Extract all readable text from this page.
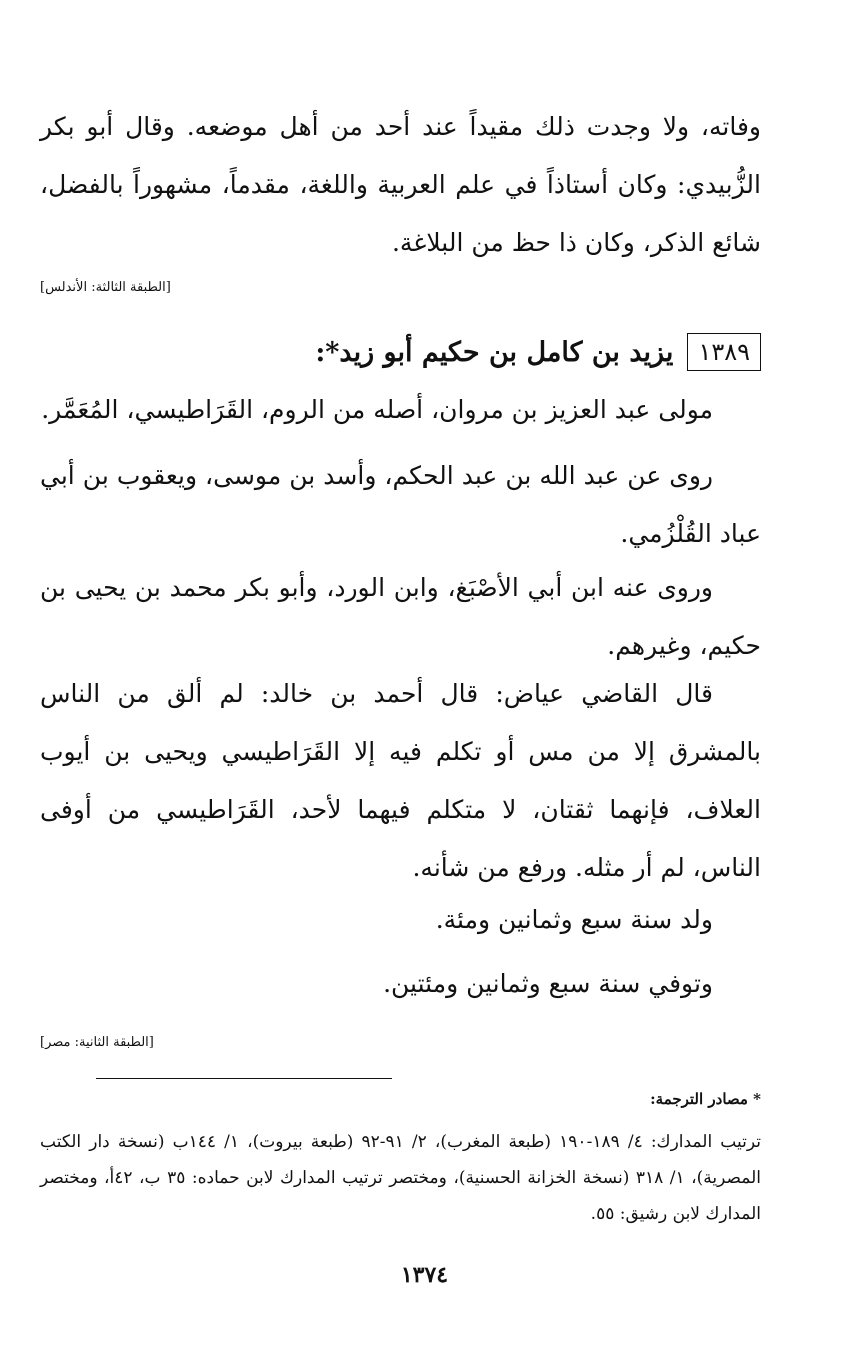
وفاته، ولا وجدت ذلك مقيداً عند أحد من أهل موضعه. وقال أبو بكر الزُّبيدي: وكان أستاذاً في علم العربية واللغة، مقدماً، مشهوراً بالفضل، شائع الذكر، وكان ذا حظ من البلاغة.

[الطبقة الثالثة: الأندلس]

١٣٨٩
يزيد بن كامل بن حكيم أبو زيد*:

مولى عبد العزيز بن مروان، أصله من الروم، القَرَاطيسي، المُعَمَّر.

روى عن عبد الله بن عبد الحكم، وأسد بن موسى، ويعقوب بن أبي عباد القُلْزُمي.

وروى عنه ابن أبي الأصْبَغ، وابن الورد، وأبو بكر محمد بن يحيى بن حكيم، وغيرهم.

قال القاضي عياض: قال أحمد بن خالد: لم ألق من الناس بالمشرق إلا من مس أو تكلم فيه إلا القَرَاطيسي ويحيى بن أيوب العلاف، فإنهما ثقتان، لا متكلم فيهما لأحد، القَرَاطيسي من أوفى الناس، لم أر مثله. ورفع من شأنه.

ولد سنة سبع وثمانين ومئة.

وتوفي سنة سبع وثمانين ومئتين.

[الطبقة الثانية: مصر]

* مصادر الترجمة:

ترتيب المدارك: ٤/ ١٨٩-١٩٠ (طبعة المغرب)، ٢/ ٩١-٩٢ (طبعة بيروت)، ١/ ١٤٤ب (نسخة دار الكتب المصرية)، ١/ ٣١٨ (نسخة الخزانة الحسنية)، ومختصر ترتيب المدارك لابن حماده: ٣٥ ب، ٤٢أ، ومختصر المدارك لابن رشيق: ٥٥.

١٣٧٤
